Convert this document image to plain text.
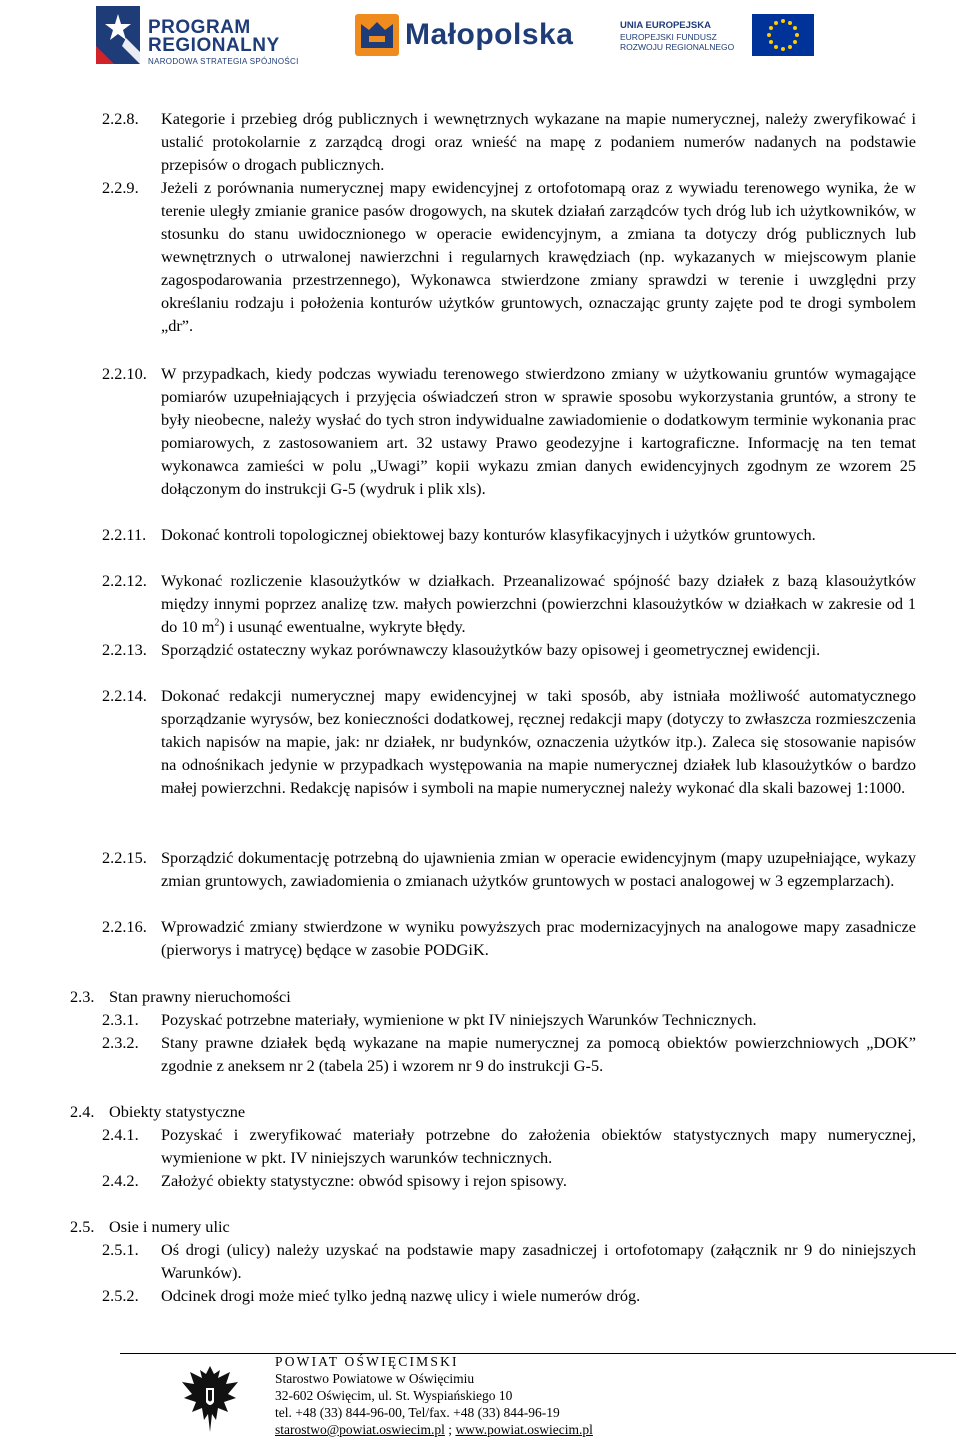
PROGRAM
REGIONALNY
NARODOWA STRATEGIA SPÓJNOŚCI
Małopolska	UNIA EUROPEJSKA
EUROPEJSKI FUNDUSZ
ROZWOJU REGIONALNEGO
2.2.8. Kategorie i przebieg dróg publicznych i wewnętrznych wykazane na mapie numerycznej, należy zweryfikować i ustalić protokolarnie z zarządcą drogi oraz wnieść na mapę z podaniem numerów nadanych na podstawie przepisów o drogach publicznych.
2.2.9. Jeżeli z porównania numerycznej mapy ewidencyjnej z ortofotomapą oraz z wywiadu terenowego wynika, że w terenie uległy zmianie granice pasów drogowych, na skutek działań zarządców tych dróg lub ich użytkowników, w stosunku do stanu uwidocznionego w operacie ewidencyjnym, a zmiana ta dotyczy dróg publicznych lub wewnętrznych o utrwalonej nawierzchni i regularnych krawędziach (np. wykazanych w miejscowym planie zagospodarowania przestrzennego), Wykonawca stwierdzone zmiany sprawdzi w terenie i uwzględni przy określaniu rodzaju i położenia konturów użytków gruntowych, oznaczając grunty zajęte pod te drogi symbolem „dr”.
2.2.10. W przypadkach, kiedy podczas wywiadu terenowego stwierdzono zmiany w użytkowaniu gruntów wymagające pomiarów uzupełniających i przyjęcia oświadczeń stron w sprawie sposobu wykorzystania gruntów, a strony te były nieobecne, należy wysłać do tych stron indywidualne zawiadomienie o dodatkowym terminie wykonania prac pomiarowych, z zastosowaniem art. 32 ustawy Prawo geodezyjne i kartograficzne. Informację na ten temat wykonawca zamieści w polu „Uwagi” kopii wykazu zmian danych ewidencyjnych zgodnym ze wzorem 25 dołączonym do instrukcji G-5 (wydruk i plik xls).
2.2.11. Dokonać kontroli topologicznej obiektowej bazy konturów klasyfikacyjnych i użytków gruntowych.
2.2.12. Wykonać rozliczenie klasoużytków w działkach. Przeanalizować spójność bazy działek z bazą klasoużytków między innymi poprzez analizę tzw. małych powierzchni (powierzchni klasoużytków w działkach w zakresie od 1 do 10 $m^2$) i usunąć ewentualne, wykryte błędy.
2.2.13. Sporządzić ostateczny wykaz porównawczy klasoużytków bazy opisowej i geometrycznej ewidencji.
2.2.14. Dokonać redakcji numerycznej mapy ewidencyjnej w taki sposób, aby istniała możliwość automatycznego sporządzanie wyrysów, bez konieczności dodatkowej, ręcznej redakcji mapy (dotyczy to zwłaszcza rozmieszczenia takich napisów na mapie, jak: nr działek, nr budynków, oznaczenia użytków itp.). Zaleca się stosowanie napisów na odnośnikach jedynie w przypadkach występowania na mapie numerycznej działek lub klasoużytków o bardzo małej powierzchni. Redakcję napisów i symboli na mapie numerycznej należy wykonać dla skali bazowej 1:1000.
2.2.15. Sporządzić dokumentację potrzebną do ujawnienia zmian w operacie ewidencyjnym (mapy uzupełniające, wykazy zmian gruntowych, zawiadomienia o zmianach użytków gruntowych w postaci analogowej w 3 egzemplarzach).
2.2.16. Wprowadzić zmiany stwierdzone w wyniku powyższych prac modernizacyjnych na analogowe mapy zasadnicze (pierworys i matrycę) będące w zasobie PODGiK.
2.3. Stan prawny nieruchomości
2.3.1. Pozyskać potrzebne materiały, wymienione w pkt IV niniejszych Warunków Technicznych.
2.3.2. Stany prawne działek będą wykazane na mapie numerycznej za pomocą obiektów powierzchniowych „DOK” zgodnie z aneksem nr 2 (tabela 25) i wzorem nr 9 do instrukcji G-5.
2.4. Obiekty statystyczne
2.4.1. Pozyskać i zweryfikować materiały potrzebne do założenia obiektów statystycznych mapy numerycznej, wymienione w pkt. IV niniejszych warunków technicznych.
2.4.2. Założyć obiekty statystyczne: obwód spisowy i rejon spisowy.
2.5. Osie i numery ulic
2.5.1. Oś drogi (ulicy) należy uzyskać na podstawie mapy zasadniczej i ortofotomapy (załącznik nr 9 do niniejszych Warunków).
2.5.2. Odcinek drogi może mieć tylko jedną nazwę ulicy i wiele numerów dróg.
POWIAT OŚWIĘCIMSKI
Starostwo Powiatowe w Oświęcimiu
32-602 Oświęcim, ul. St. Wyspiańskiego 10
tel. +48 (33) 844-96-00, Tel/fax. +48 (33) 844-96-19
starostwo@powiat.oswiecim.pl ; www.powiat.oswiecim.pl
